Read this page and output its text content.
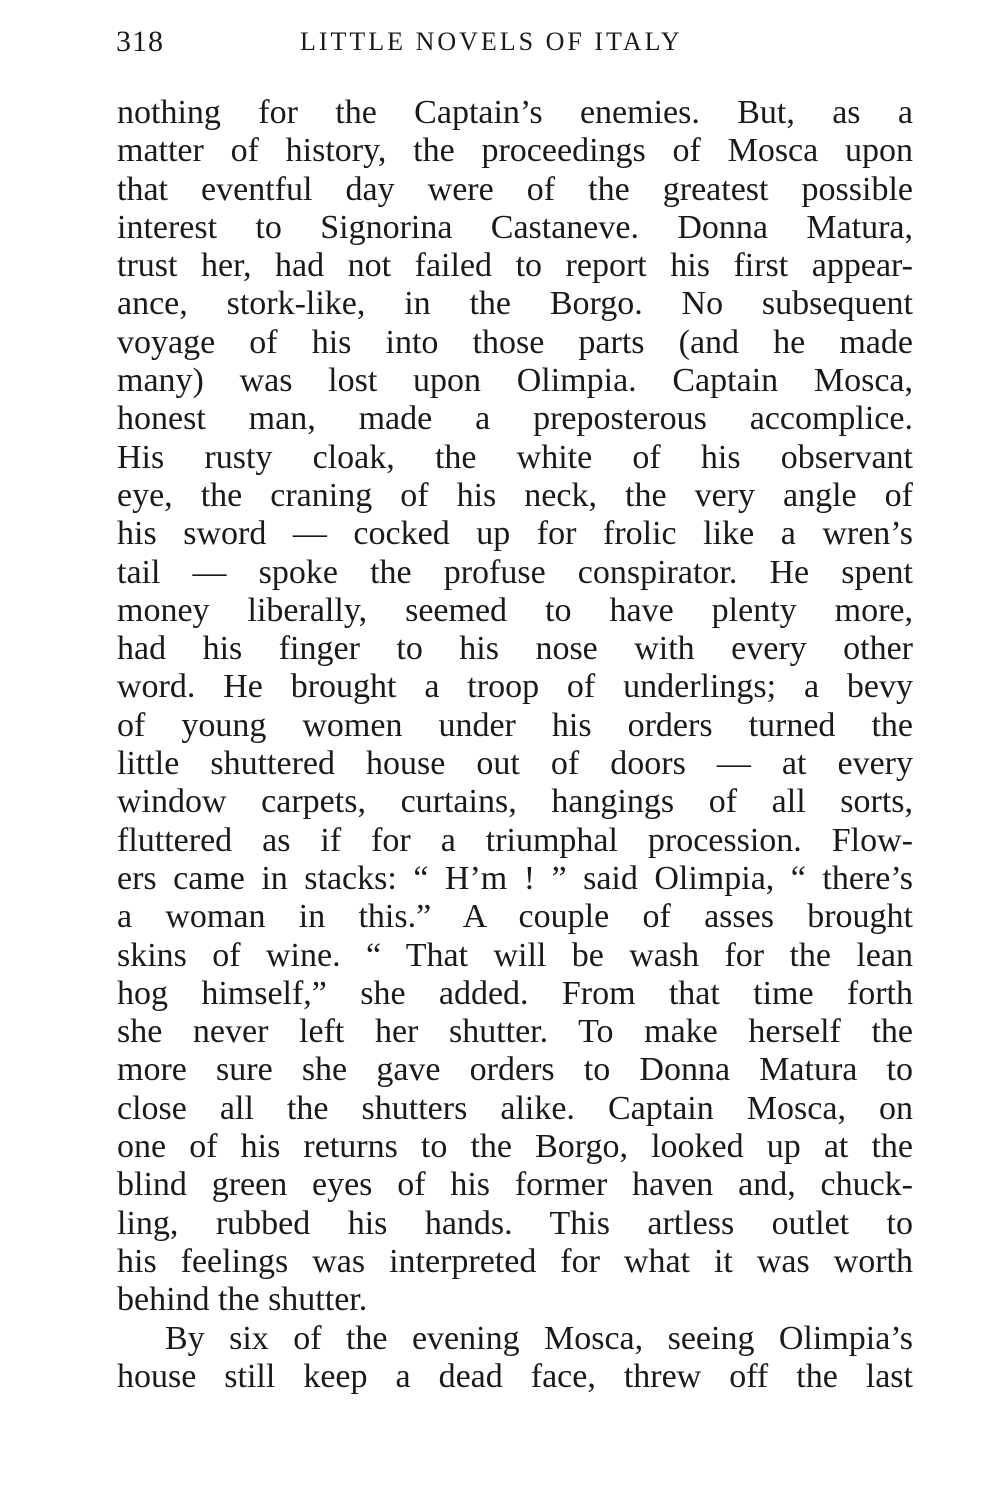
318	LITTLE NOVELS OF ITALY
nothing for the Captain’s enemies. But, as a
matter of history, the proceedings of Mosca upon
that eventful day were of the greatest possible
interest to Signorina Castaneve. Donna Matura,
trust her, had not failed to report his first appear-
ance, stork-like, in the Borgo. No subsequent
voyage of his into those parts (and he made
many) was lost upon Olimpia. Captain Mosca,
honest man, made a preposterous accomplice.
His rusty cloak, the white of his observant
eye, the craning of his neck, the very angle of
his sword — cocked up for frolic like a wren’s
tail — spoke the profuse conspirator. He spent
money liberally, seemed to have plenty more,
had his finger to his nose with every other
word. He brought a troop of underlings; a bevy
of young women under his orders turned the
little shuttered house out of doors — at every
window carpets, curtains, hangings of all sorts,
fluttered as if for a triumphal procession. Flow-
ers came in stacks: “ H’m ! ” said Olimpia, “ there’s
a woman in this.” A couple of asses brought
skins of wine. “ That will be wash for the lean
hog himself,” she added. From that time forth
she never left her shutter. To make herself the
more sure she gave orders to Donna Matura to
close all the shutters alike. Captain Mosca, on
one of his returns to the Borgo, looked up at the
blind green eyes of his former haven and, chuck-
ling, rubbed his hands. This artless outlet to
his feelings was interpreted for what it was worth
behind the shutter.
By six of the evening Mosca, seeing Olimpia’s
house still keep a dead face, threw off the last
